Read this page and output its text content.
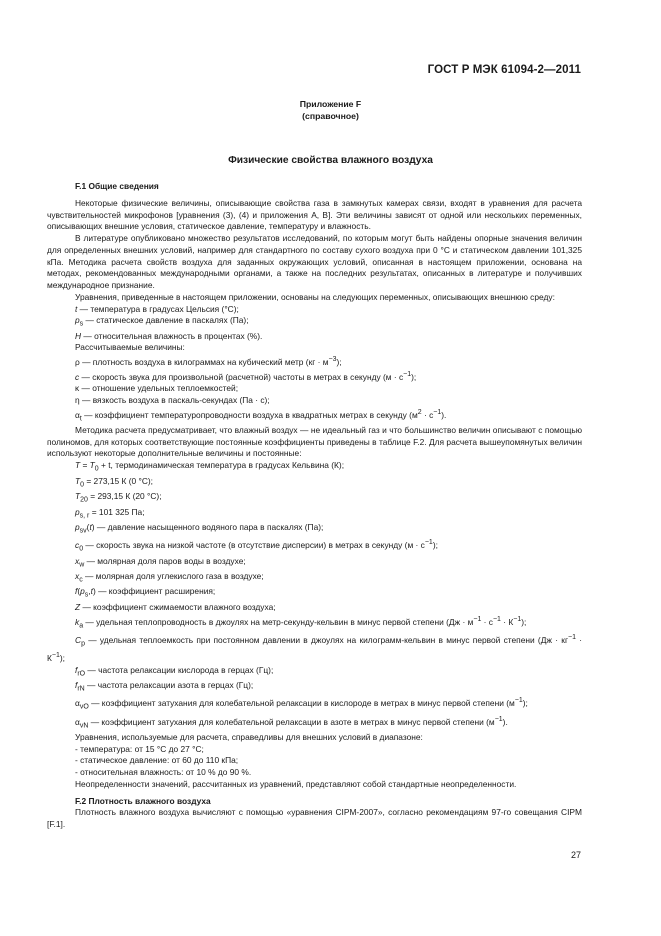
ГОСТ Р МЭК 61094-2—2011
Приложение F
(справочное)
Физические свойства влажного воздуха

F.1 Общие сведения

Некоторые физические величины, описывающие свойства газа в замкнутых камерах связи, входят в уравнения для расчета чувствительностей микрофонов [уравнения (3), (4) и приложения А, В]. Эти величины зависят от одной или нескольких переменных, описывающих внешние условия, статическое давление, температуру и влажность.

В литературе опубликовано множество результатов исследований, по которым могут быть найдены опорные значения величин для определенных внешних условий, например для стандартного по составу сухого воздуха при 0 °С и статическом давлении 101,325 кПа. Методика расчета свойств воздуха для заданных окружающих условий, описанная в настоящем приложении, основана на методах, рекомендованных международными органами, а также на последних результатах, описанных в литературе и получивших международное признание.

Уравнения, приведенные в настоящем приложении, основаны на следующих переменных, описывающих внешнюю среду:

t — температура в градусах Цельсия (°С);

$p_s$ — статическое давление в паскалях (Па);

H — относительная влажность в процентах (%).

Рассчитываемые величины:

ρ — плотность воздуха в килограммах на кубический метр $(кг \cdot м^{-3})$;

c — скорость звука для произвольной (расчетной) частоты в метрах в секунду $(м \cdot с^{-1})$;

κ — отношение удельных теплоемкостей;

η — вязкость воздуха в паскаль-секундах (Па · с);

$\alpha_t$ — коэффициент температуропроводности воздуха в квадратных метрах в секунду $(м^2 \cdot с^{-1})$.

Методика расчета предусматривает, что влажный воздух — не идеальный газ и что большинство величин описывают с помощью полиномов, для которых соответствующие постоянные коэффициенты приведены в таблице F.2. Для расчета вышеупомянутых величин используют некоторые дополнительные величины и постоянные:

$T = T_0 + t$, термодинамическая температура в градусах Кельвина (К);

$T_0 = 273,15$ К (0 °С);

$T_{20} = 293,15$ К (20 °С);

$p_{s, r} = 101$ 325 Па;

$p_{sv}(t)$ — давление насыщенного водяного пара в паскалях (Па);

$c_0$ — скорость звука на низкой частоте (в отсутствие дисперсии) в метрах в секунду $(м \cdot с^{-1})$;

$x_w$ — молярная доля паров воды в воздухе;

$x_c$ — молярная доля углекислого газа в воздухе;

$f(p_s,t)$ — коэффициент расширения;

Z — коэффициент сжимаемости влажного воздуха;

$k_a$ — удельная теплопроводность в джоулях на метр-секунду-кельвин в минус первой степени $(Дж \cdot м^{-1} \cdot с^{-1} \cdot К^{-1})$;

$C_p$ — удельная теплоемкость при постоянном давлении в джоулях на килограмм-кельвин в минус первой степени $(Дж \cdot кг^{-1} \cdot К^{-1})$;

$f_{rO}$ — частота релаксации кислорода в герцах (Гц);

$f_{rN}$ — частота релаксации азота в герцах (Гц);

$\alpha_{vO}$ — коэффициент затухания для колебательной релаксации в кислороде в метрах в минус первой степени $(м^{-1})$;

$\alpha_{vN}$ — коэффициент затухания для колебательной релаксации в азоте в метрах в минус первой степени $(м^{-1})$.

Уравнения, используемые для расчета, справедливы для внешних условий в диапазоне:

- температура: от 15 °С до 27 °С;

- статическое давление: от 60 до 110 кПа;

- относительная влажность: от 10 % до 90 %.

Неопределенности значений, рассчитанных из уравнений, представляют собой стандартные неопределенности.

F.2 Плотность влажного воздуха

Плотность влажного воздуха вычисляют с помощью «уравнения CIPM-2007», согласно рекомендациям 97-го совещания CIPM [F.1].

27
